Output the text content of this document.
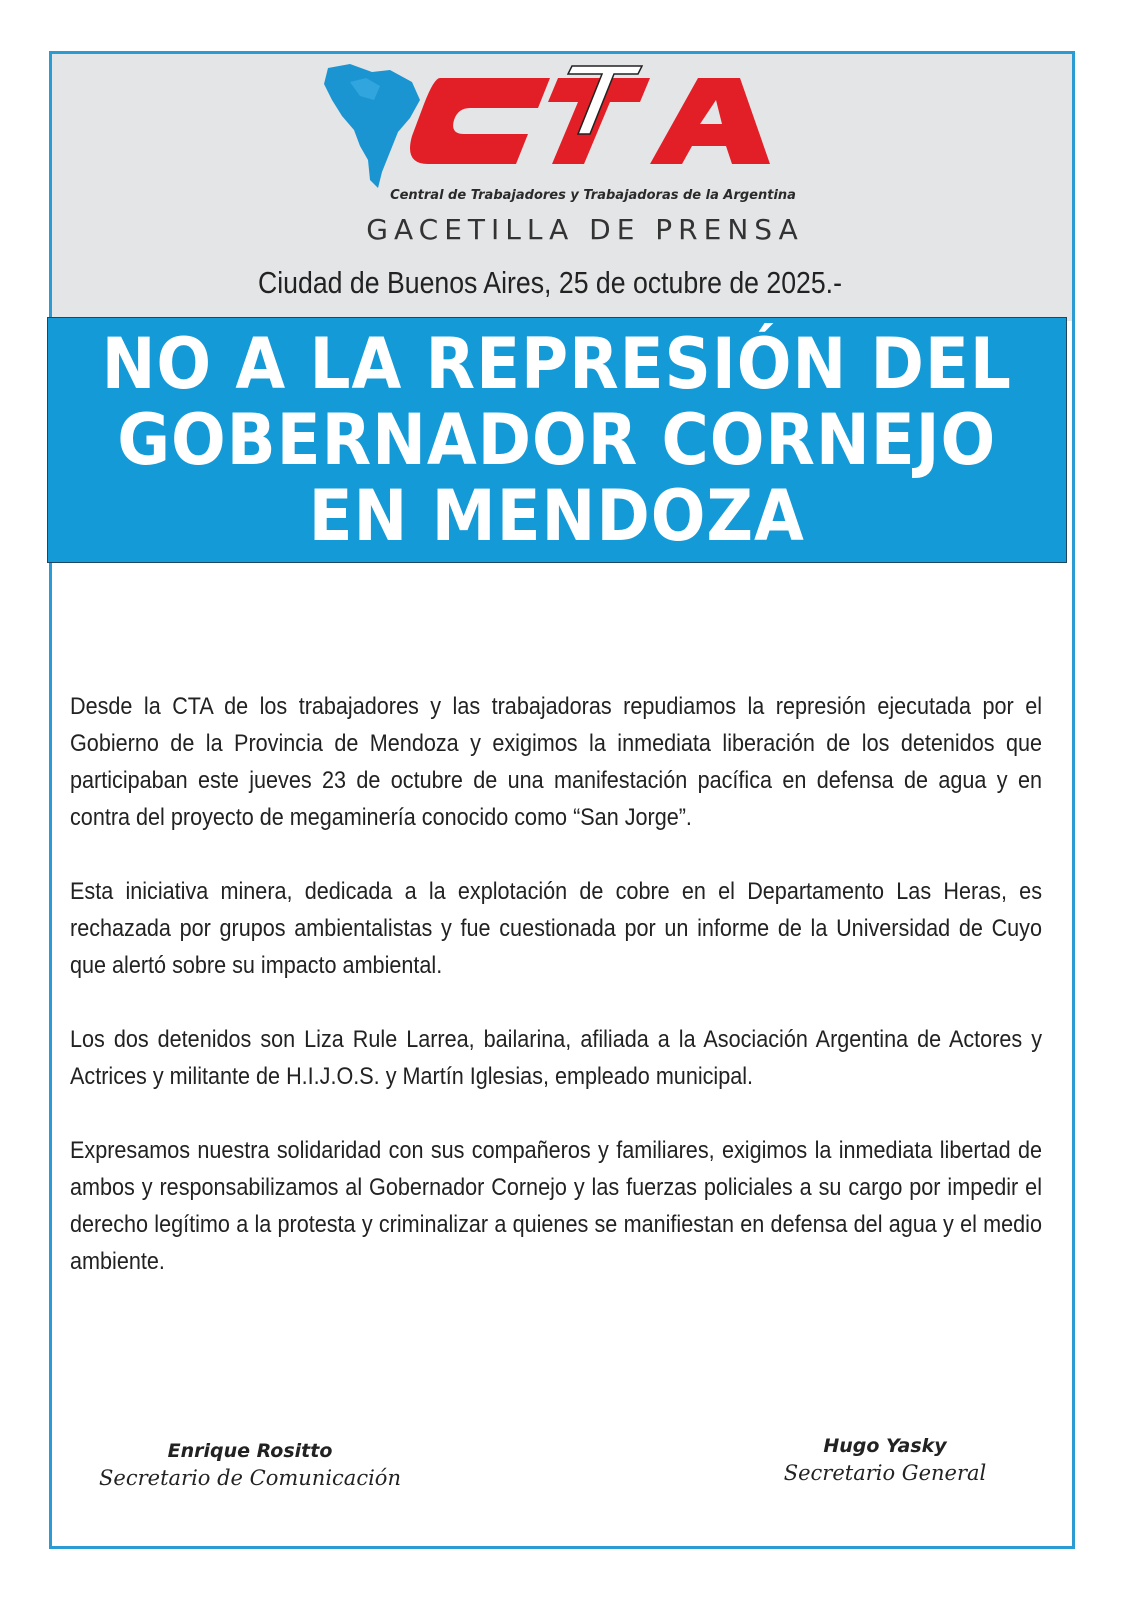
Central de Trabajadores y Trabajadoras de la Argentina
GACETILLA DE PRENSA
Ciudad de Buenos Aires, 25 de octubre de 2025.-
NO A LA REPRESIÓN DEL
GOBERNADOR CORNEJO
EN MENDOZA

Desde la CTA de los trabajadores y las trabajadoras repudiamos la represión ejecutada por el Gobierno de la Provincia de Mendoza y exigimos la inmediata liberación de los detenidos que participaban este jueves 23 de octubre de una manifestación pacífica en defensa de agua y en contra del proyecto de megaminería conocido como “San Jorge”.

Esta iniciativa minera, dedicada a la explotación de cobre en el Departamento Las Heras, es rechazada por grupos ambientalistas y fue cuestionada por un informe de la Universidad de Cuyo que alertó sobre su impacto ambiental.

Los dos detenidos son Liza Rule Larrea, bailarina, afiliada a la Asociación Argentina de Actores y Actrices y militante de H.I.J.O.S. y Martín Iglesias, empleado municipal.

Expresamos nuestra solidaridad con sus compañeros y familiares, exigimos la inmediata libertad de ambos y responsabilizamos al Gobernador Cornejo y las fuerzas policiales a su cargo por impedir el derecho legítimo a la protesta y criminalizar a quienes se manifiestan en defensa del agua y el medio ambiente.

Enrique Rositto
Secretario de Comunicación
Hugo Yasky
Secretario General
